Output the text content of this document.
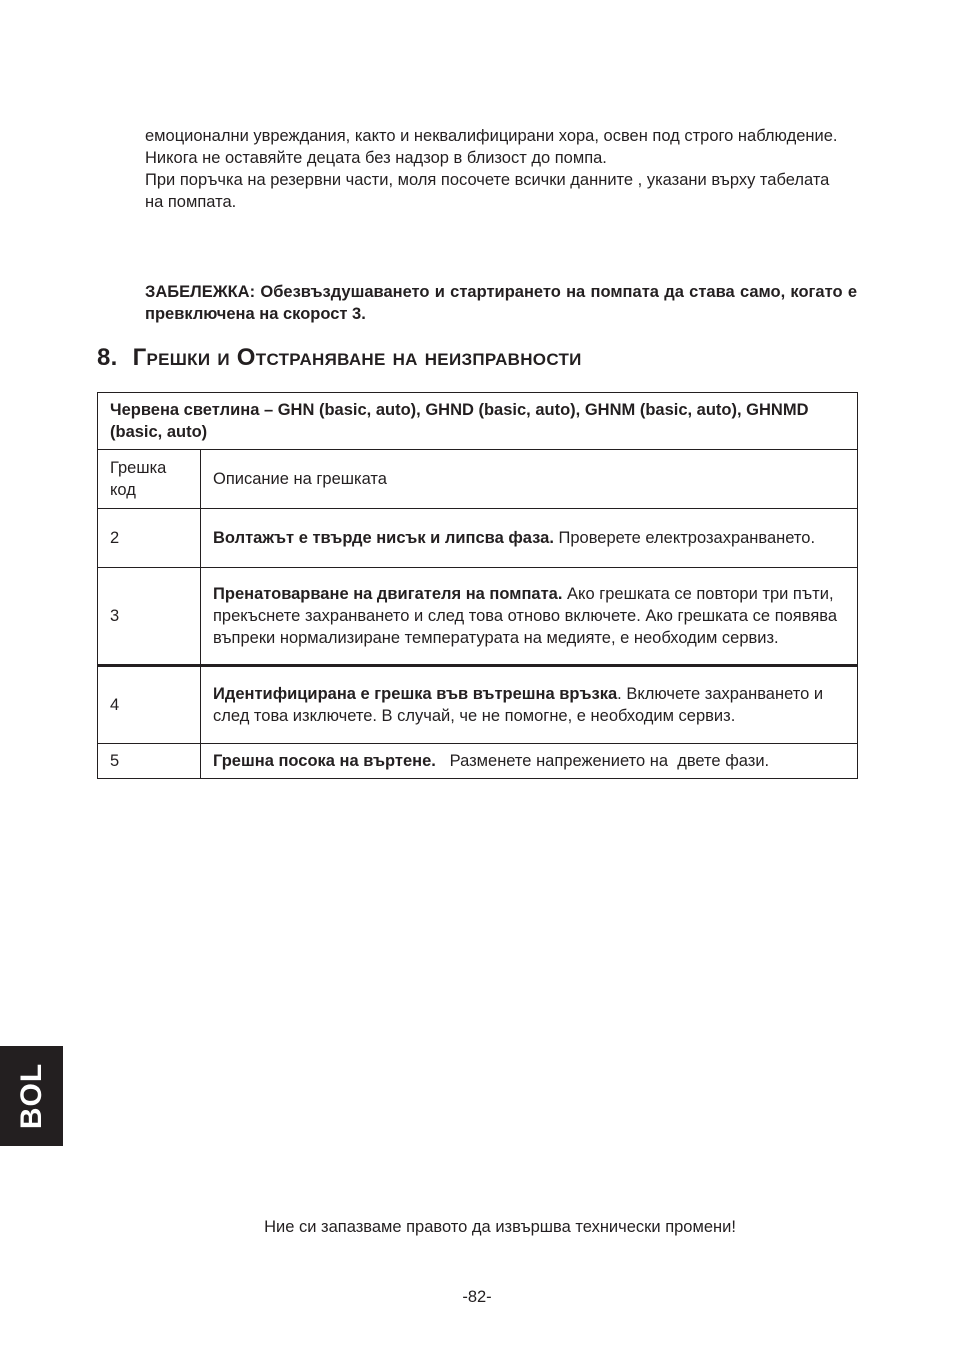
емоционални увреждания, както и неквалифицирани хора, освен под строго наблюдение.

Никога не оставяйте децата без надзор в близост до помпа.

При поръчка на резервни части, моля посочете всички данните , указани върху табелата на помпата.

ЗАБЕЛЕЖКА: Обезвъздушаването и стартирането на помпата да става само, когато е превключена на скорост 3.
8. Грешки и Отстраняване на неизправности
Червена светлина – GHN (basic, auto), GHND (basic, auto), GHNM (basic, auto), GHNMD (basic, auto)	
Грешка код	Описание на грешката
2	Волтажът е твърде нисък и липсва фаза. Проверете електрозахранването.
3	Пренатоварване на двигателя на помпата. Ако грешката се повтори три пъти, прекъснете захранването и след това отново включете. Ако грешката се появява въпреки нормализиране температурата на медияте, е необходим сервиз.
4	Идентифицирана е грешка във вътрешна връзка. Включете захранването и след това изключете. В случай, че не помогне, е необходим сервиз.
5	Грешна посока на въртене.   Разменете напрежението на  двете фази.
BOL
Ние си запазваме правото да извършва технически промени!
-82-
